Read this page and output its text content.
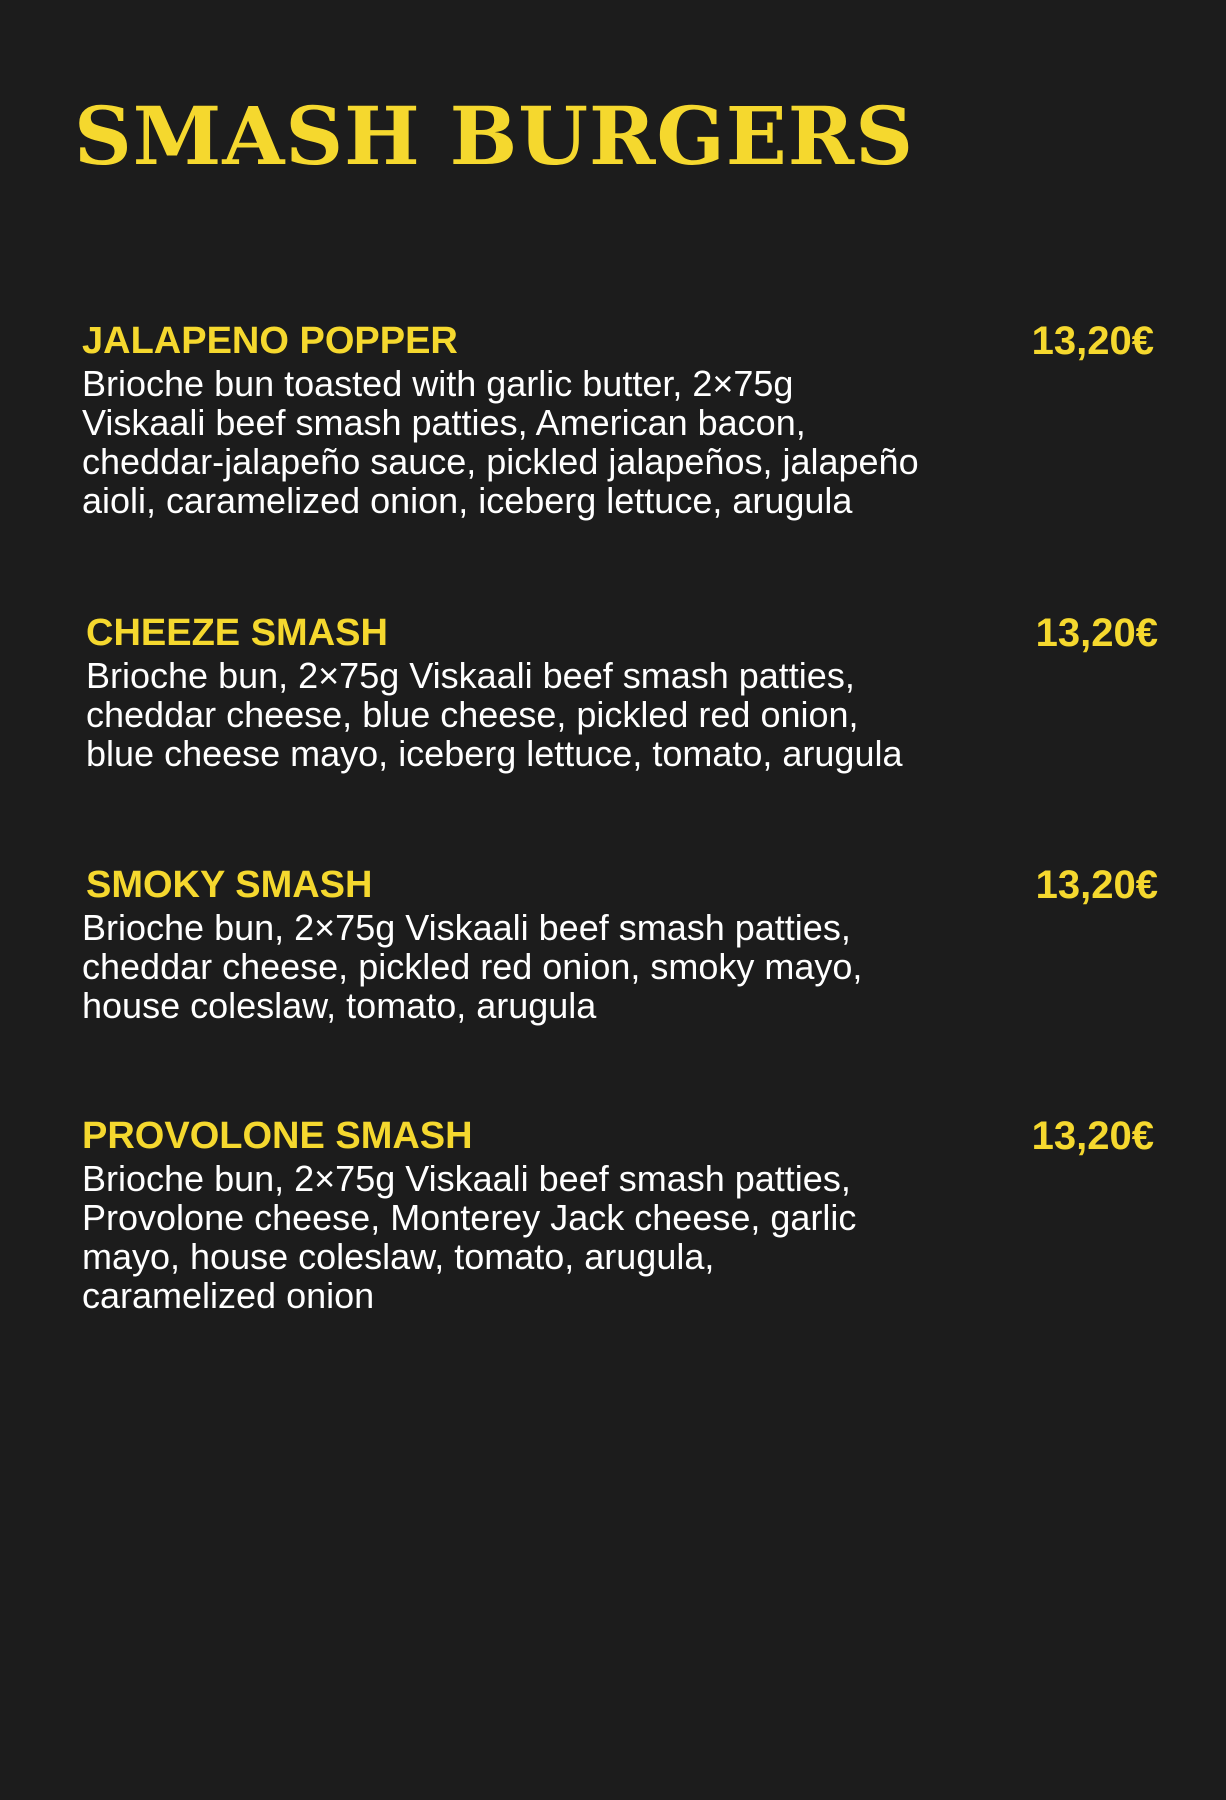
SMASH BURGERS
JALAPENO POPPER	13,20€

Brioche bun toasted with garlic butter, 2×75g
Viskaali beef smash patties, American bacon,
cheddar-jalapeño sauce, pickled jalapeños, jalapeño
aioli, caramelized onion, iceberg lettuce, arugula

CHEEZE SMASH	13,20€

Brioche bun, 2×75g Viskaali beef smash patties,
cheddar cheese, blue cheese, pickled red onion,
blue cheese mayo, iceberg lettuce, tomato, arugula

SMOKY SMASH	13,20€

Brioche bun, 2×75g Viskaali beef smash patties,
cheddar cheese, pickled red onion, smoky mayo,
house coleslaw, tomato, arugula

PROVOLONE SMASH	13,20€

Brioche bun, 2×75g Viskaali beef smash patties,
Provolone cheese, Monterey Jack cheese, garlic
mayo, house coleslaw, tomato, arugula,
caramelized onion
